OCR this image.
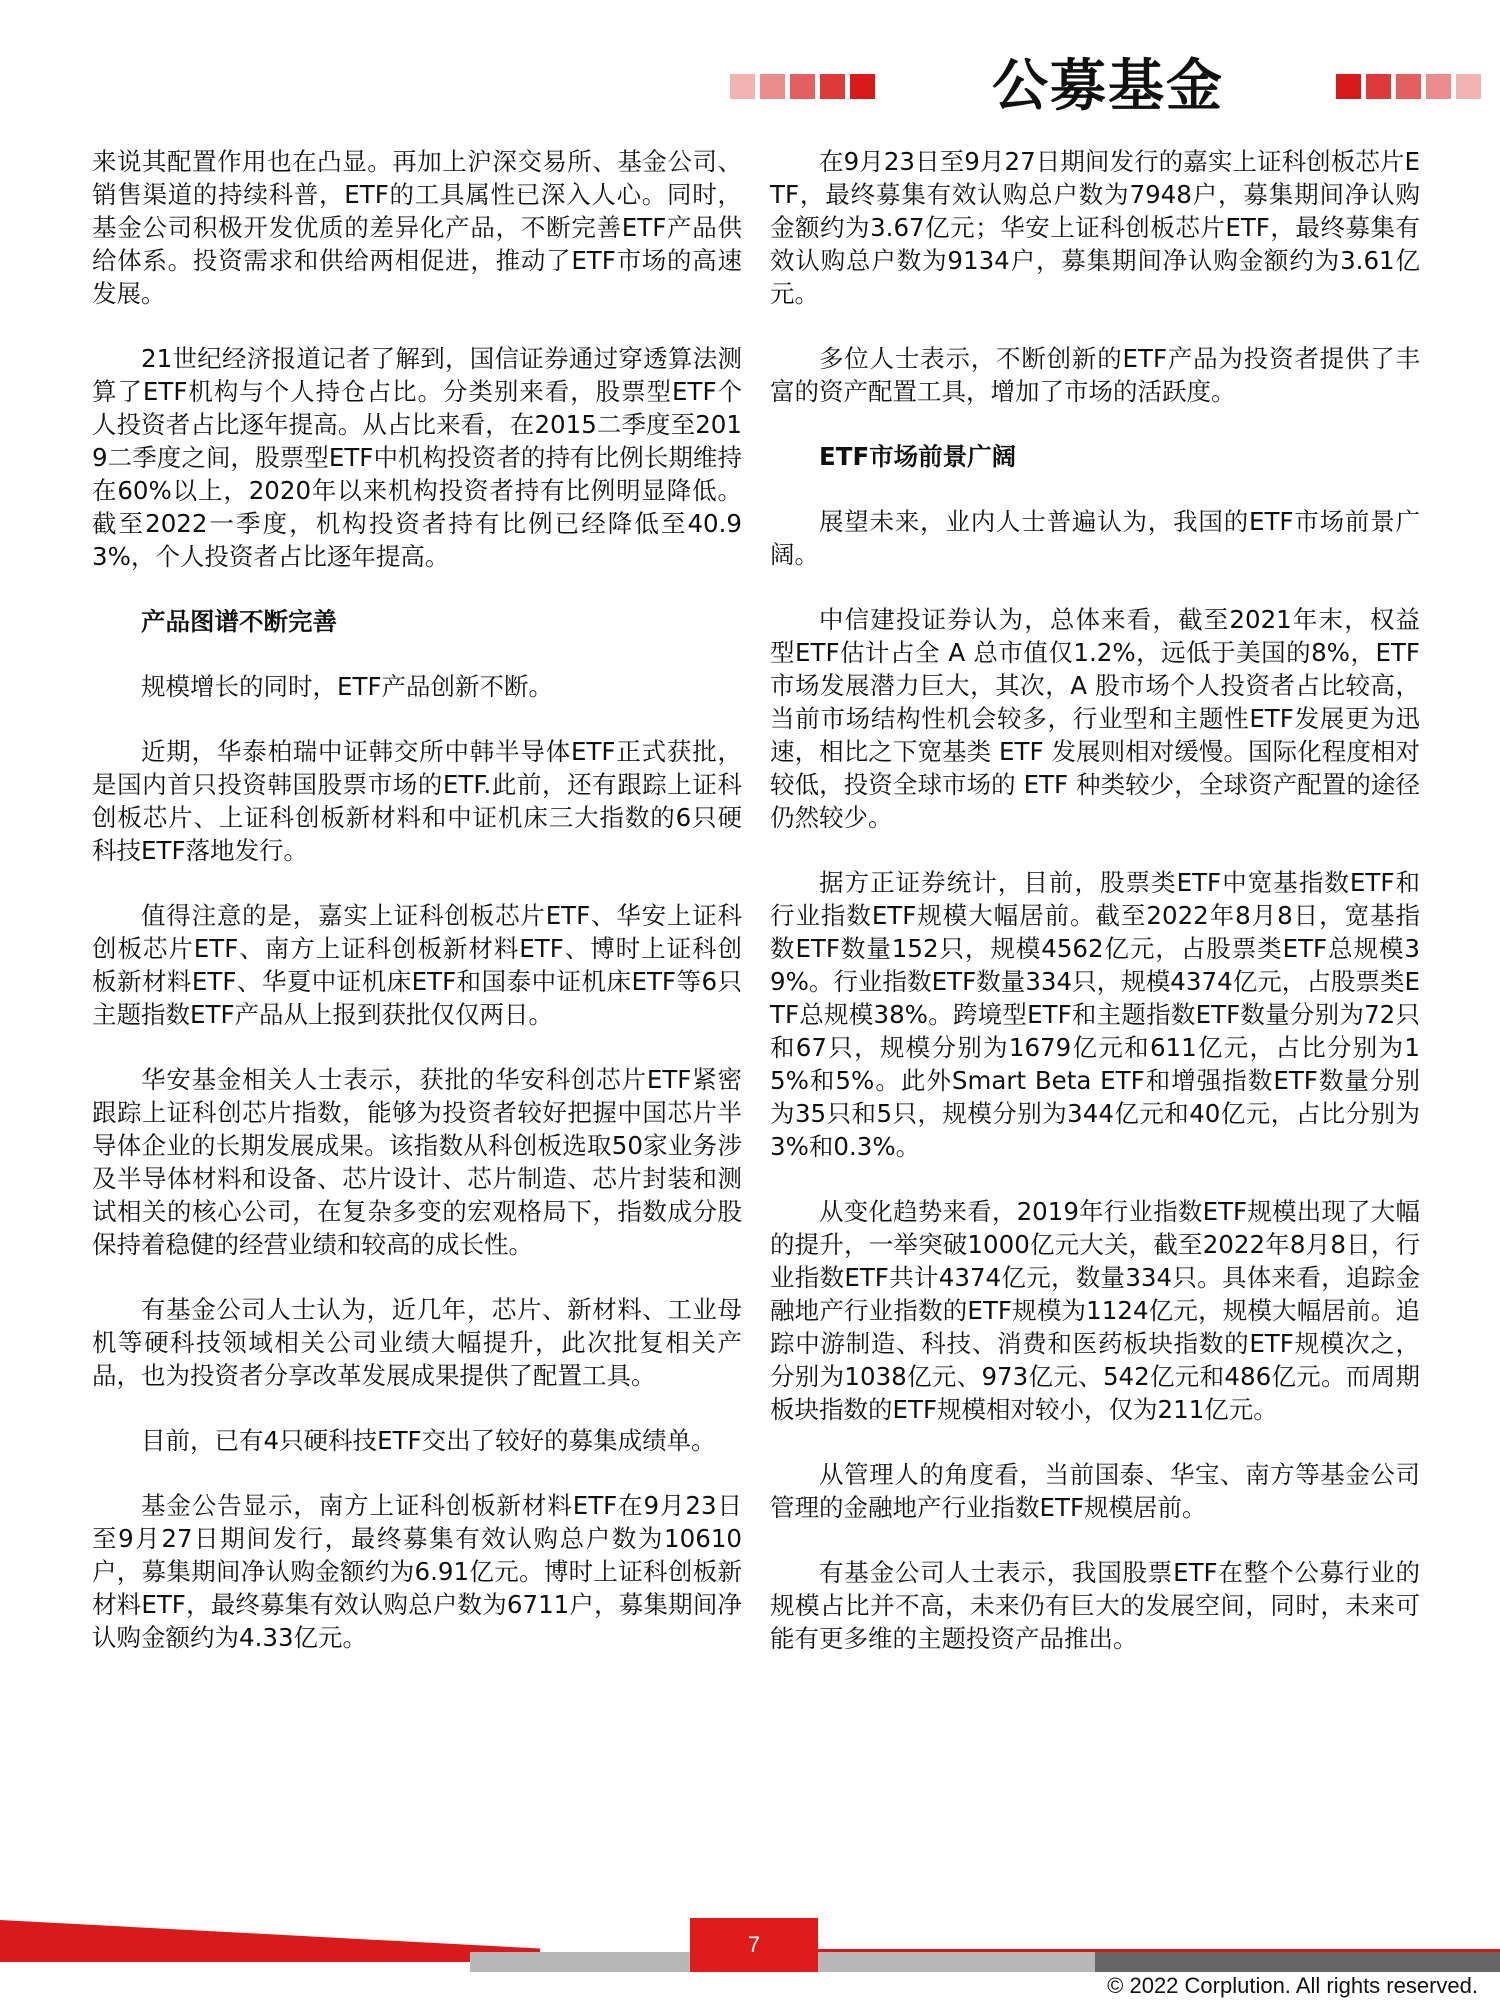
公募基金

来说其配置作用也在凸显。再加上沪深交易所、基金公司、销售渠道的持续科普，ETF的工具属性已深入人心。同时，基金公司积极开发优质的差异化产品，不断完善ETF产品供给体系。投资需求和供给两相促进，推动了ETF市场的高速发展。

21世纪经济报道记者了解到，国信证券通过穿透算法测算了ETF机构与个人持仓占比。分类别来看，股票型ETF个人投资者占比逐年提高。从占比来看，在2015二季度至2019二季度之间，股票型ETF中机构投资者的持有比例长期维持在60%以上，2020年以来机构投资者持有比例明显降低。截至2022一季度，机构投资者持有比例已经降低至40.93%，个人投资者占比逐年提高。

产品图谱不断完善

规模增长的同时，ETF产品创新不断。

近期，华泰柏瑞中证韩交所中韩半导体ETF正式获批，是国内首只投资韩国股票市场的ETF.此前，还有跟踪上证科创板芯片、上证科创板新材料和中证机床三大指数的6只硬科技ETF落地发行。

值得注意的是，嘉实上证科创板芯片ETF、华安上证科创板芯片ETF、南方上证科创板新材料ETF、博时上证科创板新材料ETF、华夏中证机床ETF和国泰中证机床ETF等6只主题指数ETF产品从上报到获批仅仅两日。

华安基金相关人士表示，获批的华安科创芯片ETF紧密跟踪上证科创芯片指数，能够为投资者较好把握中国芯片半导体企业的长期发展成果。该指数从科创板选取50家业务涉及半导体材料和设备、芯片设计、芯片制造、芯片封装和测试相关的核心公司，在复杂多变的宏观格局下，指数成分股保持着稳健的经营业绩和较高的成长性。

有基金公司人士认为，近几年，芯片、新材料、工业母机等硬科技领域相关公司业绩大幅提升，此次批复相关产品，也为投资者分享改革发展成果提供了配置工具。

目前，已有4只硬科技ETF交出了较好的募集成绩单。

基金公告显示，南方上证科创板新材料ETF在9月23日至9月27日期间发行，最终募集有效认购总户数为10610户，募集期间净认购金额约为6.91亿元。博时上证科创板新材料ETF，最终募集有效认购总户数为6711户，募集期间净认购金额约为4.33亿元。

在9月23日至9月27日期间发行的嘉实上证科创板芯片ETF，最终募集有效认购总户数为7948户，募集期间净认购金额约为3.67亿元；华安上证科创板芯片ETF，最终募集有效认购总户数为9134户，募集期间净认购金额约为3.61亿元。

多位人士表示，不断创新的ETF产品为投资者提供了丰富的资产配置工具，增加了市场的活跃度。

ETF市场前景广阔

展望未来，业内人士普遍认为，我国的ETF市场前景广阔。

中信建投证券认为，总体来看，截至2021年末，权益型ETF估计占全 A 总市值仅1.2%，远低于美国的8%，ETF市场发展潜力巨大，其次，A 股市场个人投资者占比较高，当前市场结构性机会较多，行业型和主题性ETF发展更为迅速，相比之下宽基类 ETF 发展则相对缓慢。国际化程度相对较低，投资全球市场的 ETF 种类较少，全球资产配置的途径仍然较少。

据方正证券统计，目前，股票类ETF中宽基指数ETF和行业指数ETF规模大幅居前。截至2022年8月8日，宽基指数ETF数量152只，规模4562亿元，占股票类ETF总规模39%。行业指数ETF数量334只，规模4374亿元，占股票类ETF总规模38%。跨境型ETF和主题指数ETF数量分别为72只和67只，规模分别为1679亿元和611亿元，占比分别为15%和5%。此外Smart Beta ETF和增强指数ETF数量分别为35只和5只，规模分别为344亿元和40亿元，占比分别为3%和0.3%。

从变化趋势来看，2019年行业指数ETF规模出现了大幅的提升，一举突破1000亿元大关，截至2022年8月8日，行业指数ETF共计4374亿元，数量334只。具体来看，追踪金融地产行业指数的ETF规模为1124亿元，规模大幅居前。追踪中游制造、科技、消费和医药板块指数的ETF规模次之，分别为1038亿元、973亿元、542亿元和486亿元。而周期板块指数的ETF规模相对较小，仅为211亿元。

从管理人的角度看，当前国泰、华宝、南方等基金公司管理的金融地产行业指数ETF规模居前。

有基金公司人士表示，我国股票ETF在整个公募行业的规模占比并不高，未来仍有巨大的发展空间，同时，未来可能有更多维的主题投资产品推出。

7
© 2022 Corplution. All rights reserved.
